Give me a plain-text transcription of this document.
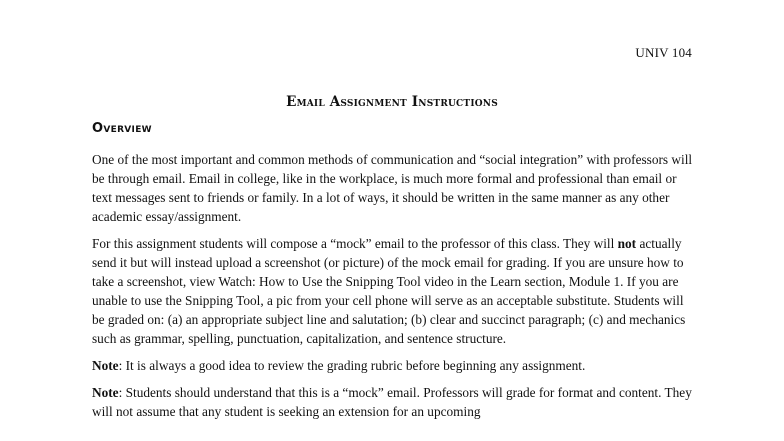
UNIV 104
Email Assignment Instructions
Overview

One of the most important and common methods of communication and “social integration” with professors will be through email. Email in college, like in the workplace, is much more formal and professional than email or text messages sent to friends or family. In a lot of ways, it should be written in the same manner as any other academic essay/assignment.

For this assignment students will compose a “mock” email to the professor of this class. They will not actually send it but will instead upload a screenshot (or picture) of the mock email for grading. If you are unsure how to take a screenshot, view Watch: How to Use the Snipping Tool video in the Learn section, Module 1. If you are unable to use the Snipping Tool, a pic from your cell phone will serve as an acceptable substitute. Students will be graded on: (a) an appropriate subject line and salutation; (b) clear and succinct paragraph; (c) and mechanics such as grammar, spelling, punctuation, capitalization, and sentence structure.

Note: It is always a good idea to review the grading rubric before beginning any assignment.

Note: Students should understand that this is a “mock” email. Professors will grade for format and content. They will not assume that any student is seeking an extension for an upcoming
